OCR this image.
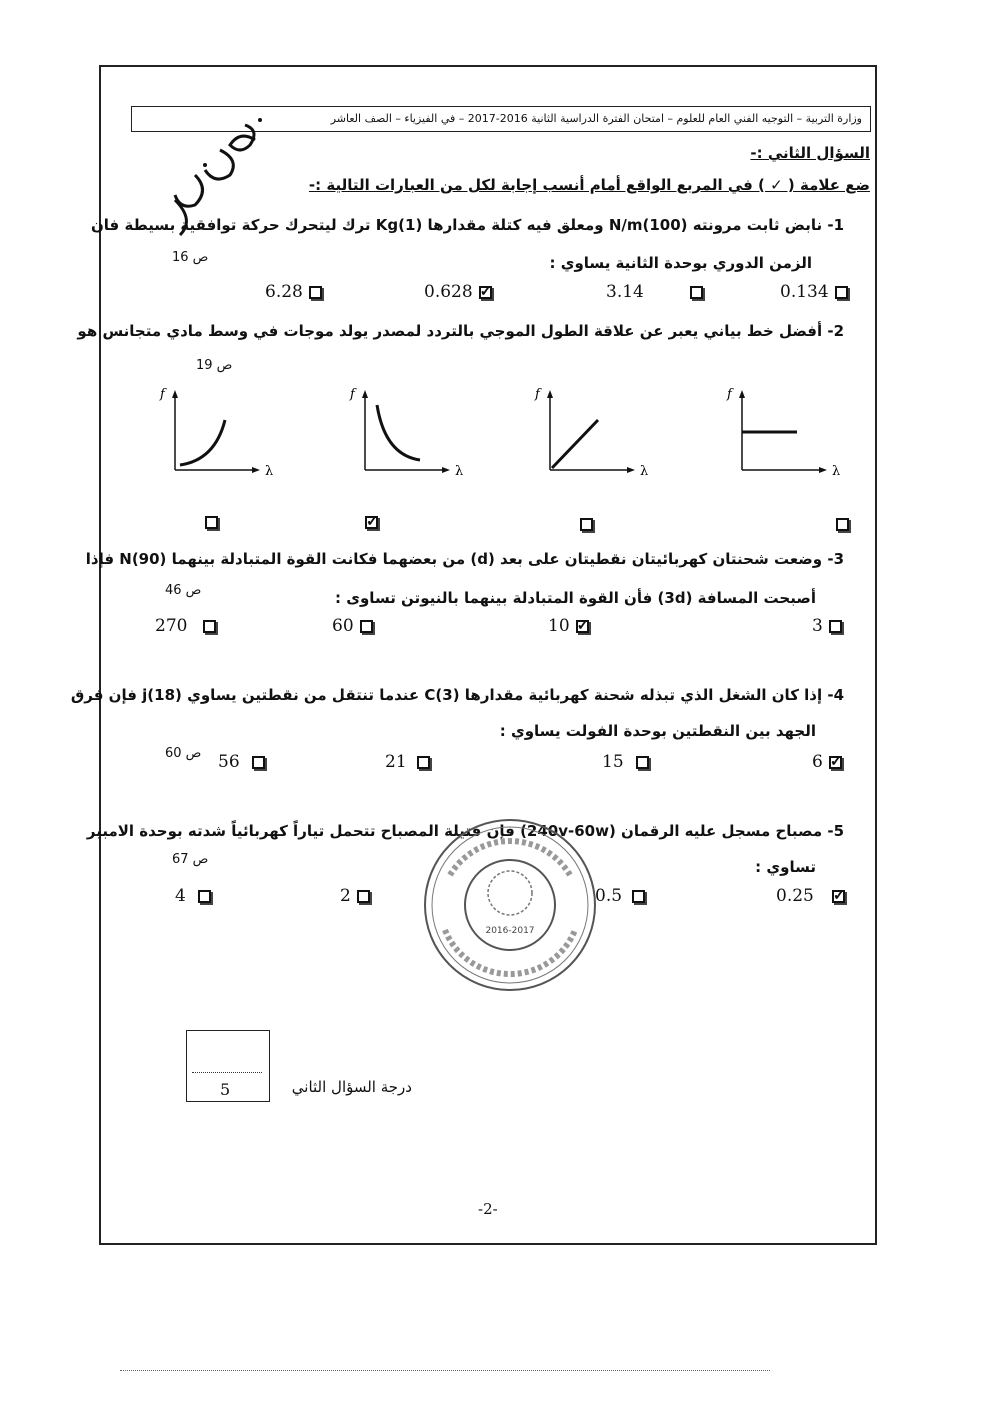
وزارة التربية – التوجيه الفني العام للعلوم – امتحان الفترة الدراسية الثانية 2016-2017 – في الفيزياء – الصف العاشر
السؤال الثاني :-
ضع علامة ( ✓ ) في المربع الواقع أمام أنسب إجابة لكل من العبارات التالية :-
1- نابض ثابت مرونته (100)N/m ومعلق فيه كتلة مقدارها (1)Kg ترك ليتحرك حركة توافقية بسيطة فان
الزمن الدوري بوحدة الثانية يساوي :
ص 16
0.134
3.14
0.628
✓
6.28
2- أفضل خط بياني يعبر عن علاقة الطول الموجي بالتردد لمصدر يولد موجات في وسط مادي متجانس هو
ص 19
f
λ
f
λ
f
λ
f
λ
✓
3- وضعت شحنتان كهربائيتان نقطيتان على بعد (d) من بعضهما فكانت القوة المتبادلة بينهما N(90) فإذا
أصبحت المسافة (3d) فأن القوة المتبادلة بينهما بالنيوتن تساوى :
ص 46
3
10
✓
60
270
4- إذا كان الشغل الذي تبذله شحنة كهربائية مقدارها (3)C عندما تنتقل من نقطتين يساوي (18)j فإن فرق
الجهد بين النقطتين بوحدة الفولت يساوي :
ص 60	6
✓
15
21
56
5- مصباح مسجل عليه الرقمان (240v-60w) فإن فتيلة المصباح تتحمل تياراً كهربائياً شدته بوحدة الامبير
تساوي :
ص 67
0.25
✓
0.5
2
4
2016-2017
5	درجة السؤال الثاني
-2-
